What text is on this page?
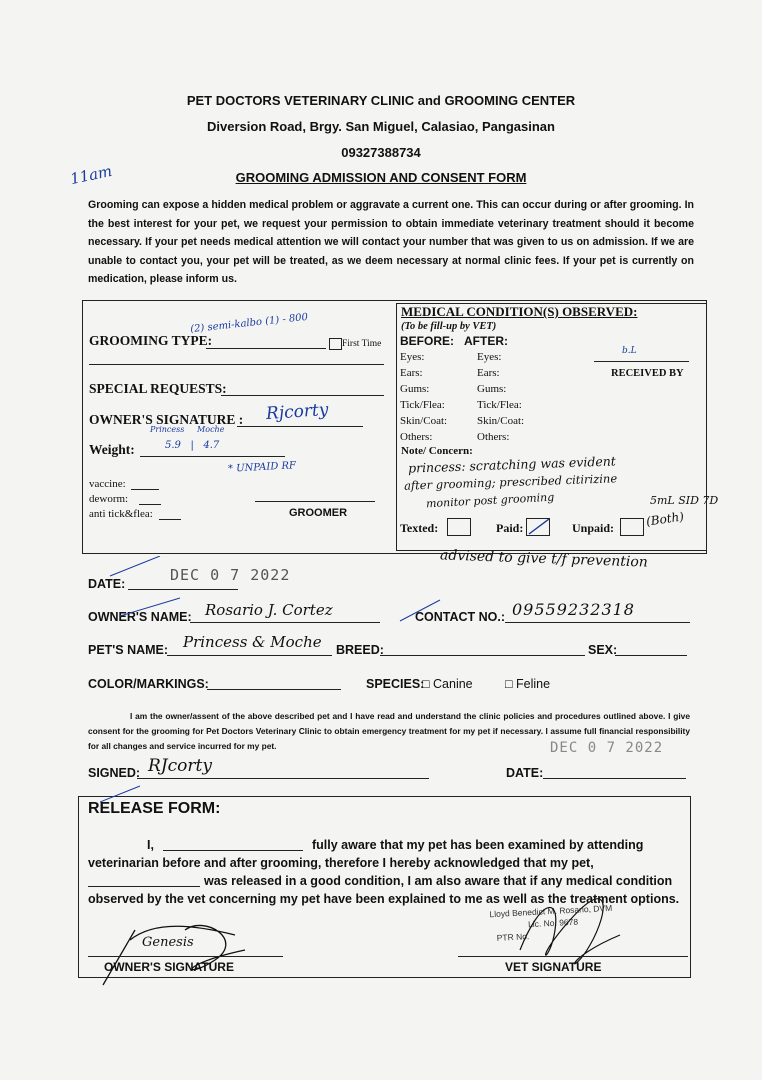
PET DOCTORS VETERINARY CLINIC and GROOMING CENTER
Diversion Road, Brgy. San Miguel, Calasiao, Pangasinan
09327388734
GROOMING ADMISSION AND CONSENT FORM
11am
Grooming can expose a hidden medical problem or aggravate a current one. This can occur during or after grooming. In the best interest for your pet, we request your permission to obtain immediate veterinary treatment should it become necessary. If your pet needs medical attention we will contact your number that was given to us on admission. If we are unable to contact you, your pet will be treated, as we deem necessary at normal clinic fees. If your pet is currently on medication, please inform us.
GROOMING TYPE:
(2) semi-kalbo (1) - 800
First Time
SPECIAL REQUESTS:
OWNER'S SIGNATURE : Rjcorty
Weight:
Princess     Moche
5.9   |   4.7
* UNPAID RF
vaccine:
deworm:
anti tick&flea:	GROOMER
MEDICAL CONDITION(S) OBSERVED:
(To be fill-up by VET)
BEFORE: AFTER:
Eyes:	Eyes:
Ears:	Ears:
Gums:	Gums:
Tick/Flea:	Tick/Flea:
Skin/Coat:	Skin/Coat:
Others:	Others:
b.L
RECEIVED BY
Note/ Concern:
princess: scratching was evident
after grooming; prescribed citirizine
monitor post grooming	5mL SID 7D
(Both)
Texted:	Paid:	Unpaid:
advised to give t/f prevention
DATE:	DEC 0 7 2022
OWNER'S NAME: Rosario J. Cortez	CONTACT NO.: 09559232318
PET'S NAME: Princess & Moche BREED:	SEX:
COLOR/MARKINGS:	SPECIES:
□ Canine	□ Feline
I am the owner/assent of the above described pet and I have read and understand the clinic policies and procedures outlined above. I give consent for the grooming for Pet Doctors Veterinary Clinic to obtain emergency treatment for my pet if necessary. I assume full financial responsibility for all changes and service incurred for my pet.
SIGNED: RJcorty	DATE:
DEC 0 7 2022
RELEASE FORM:
I,	fully aware that my pet has been examined by attending
veterinarian before and after grooming, therefore I hereby acknowledged that my pet,
was released in a good condition, I am also aware that if any medical condition
observed by the vet concerning my pet have been explained to me as well as the treatment options.
Lloyd Benedict M. Rosario, DVM
Lic. No. 9678
PTR No.
Genesis
OWNER'S SIGNATURE	VET SIGNATURE
